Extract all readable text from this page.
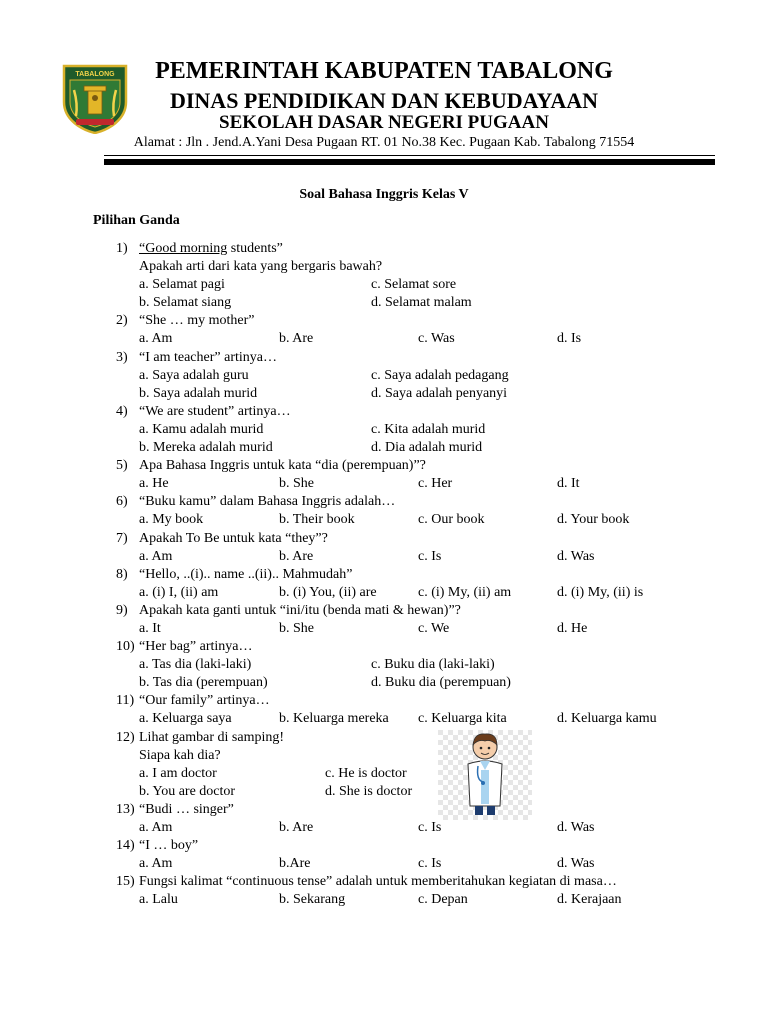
TABALONG	PEMERINTAH KABUPATEN TABALONG
DINAS PENDIDIKAN DAN KEBUDAYAAN
SEKOLAH DASAR NEGERI PUGAAN
Alamat : Jln . Jend.A.Yani Desa Pugaan RT. 01 No.38 Kec. Pugaan Kab. Tabalong 71554
Soal Bahasa Inggris Kelas V
Pilihan Ganda
1) “Good morning students”
Apakah arti dari kata yang bergaris bawah?
a. Selamat pagi	c. Selamat sore
b. Selamat siang	d. Selamat malam
2) “She … my mother”
a. Am	b. Are	c. Was	d. Is
3) “I am teacher” artinya…
a. Saya adalah guru	c. Saya adalah pedagang
b. Saya adalah murid	d. Saya adalah penyanyi
4) “We are student” artinya…
a. Kamu adalah murid	c. Kita adalah murid
b. Mereka adalah murid	d. Dia adalah murid
5) Apa Bahasa Inggris untuk kata “dia (perempuan)”?
a. He	b. She	c. Her	d. It
6) “Buku kamu” dalam Bahasa Inggris adalah…
a. My book	b. Their book	c. Our book	d. Your book
7) Apakah To Be untuk kata “they”?
a. Am	b. Are	c. Is	d. Was
8) “Hello, ..(i).. name ..(ii).. Mahmudah”
a. (i) I, (ii) am	b. (i) You, (ii) are	c. (i) My, (ii) am	d. (i) My, (ii) is
9) Apakah kata ganti untuk “ini/itu (benda mati & hewan)”?
a. It	b. She	c. We	d. He
10) “Her bag” artinya…
a. Tas dia (laki-laki)	c. Buku dia (laki-laki)
b. Tas dia (perempuan)	d. Buku dia (perempuan)
11) “Our family” artinya…
a. Keluarga saya	b. Keluarga mereka c. Keluarga kita	d. Keluarga kamu
12) Lihat gambar di samping!
Siapa kah dia?
a. I am doctor	c. He is doctor
b. You are doctor	d. She is doctor
13) “Budi … singer”
a. Am	b. Are	c. Is	d. Was
14) “I … boy”
a. Am	b.Are	c. Is	d. Was
15) Fungsi kalimat “continuous tense” adalah untuk memberitahukan kegiatan di masa…
a. Lalu	b. Sekarang	c. Depan	d. Kerajaan
